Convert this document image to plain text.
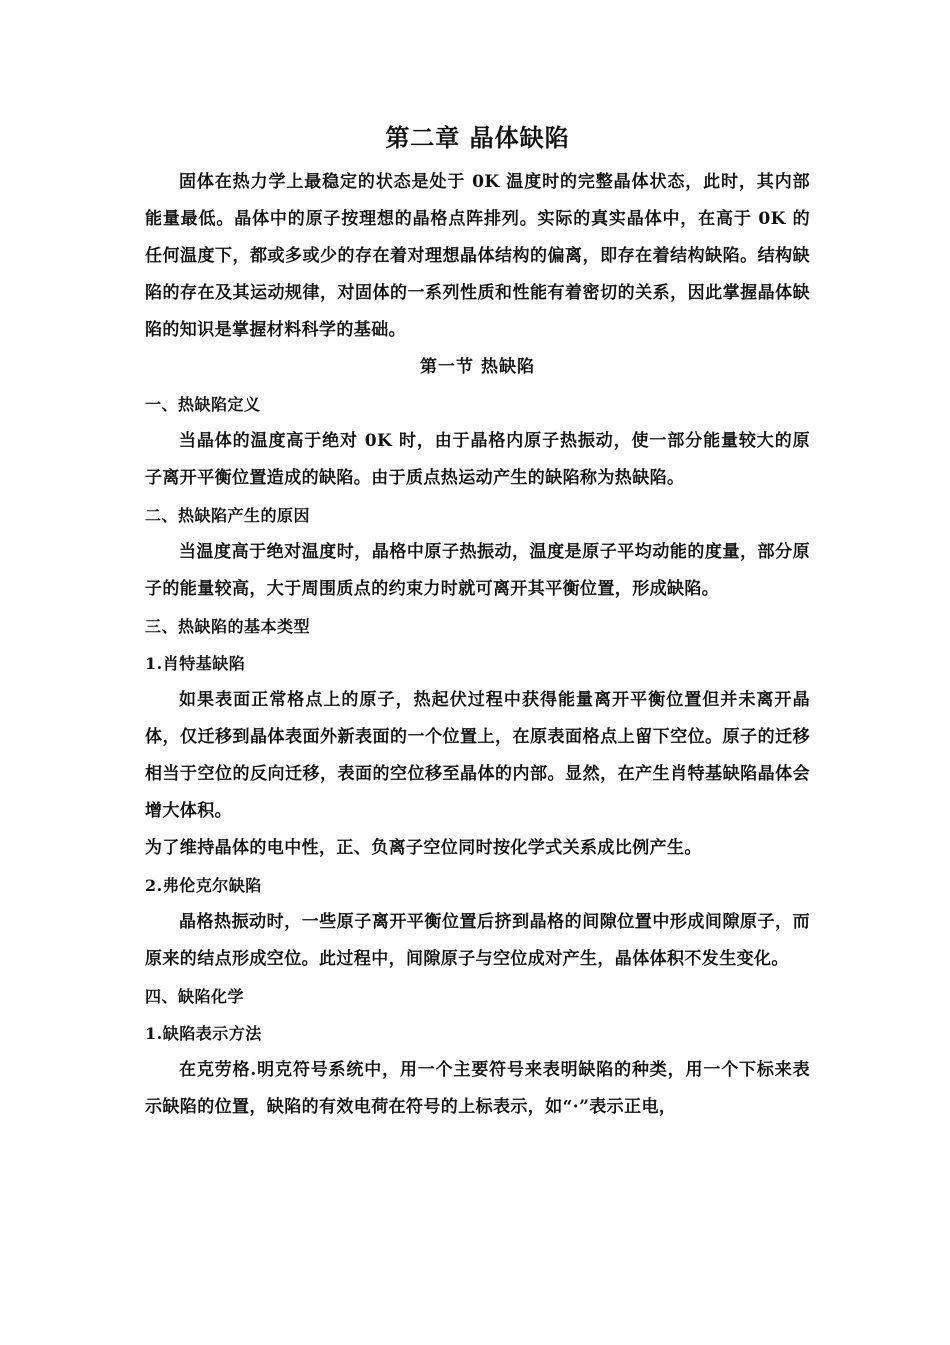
第二章 晶体缺陷

固体在热力学上最稳定的状态是处于 0K 温度时的完整晶体状态，此时，其内部能量最低。晶体中的原子按理想的晶格点阵排列。实际的真实晶体中，在高于 0K 的任何温度下，都或多或少的存在着对理想晶体结构的偏离，即存在着结构缺陷。结构缺陷的存在及其运动规律，对固体的一系列性质和性能有着密切的关系，因此掌握晶体缺陷的知识是掌握材料科学的基础。

第一节 热缺陷
一、热缺陷定义

当晶体的温度高于绝对 0K 时，由于晶格内原子热振动，使一部分能量较大的原子离开平衡位置造成的缺陷。由于质点热运动产生的缺陷称为热缺陷。

二、热缺陷产生的原因

当温度高于绝对温度时，晶格中原子热振动，温度是原子平均动能的度量，部分原子的能量较高，大于周围质点的约束力时就可离开其平衡位置，形成缺陷。

三、热缺陷的基本类型
1.肖特基缺陷

如果表面正常格点上的原子，热起伏过程中获得能量离开平衡位置但并未离开晶体，仅迁移到晶体表面外新表面的一个位置上，在原表面格点上留下空位。原子的迁移相当于空位的反向迁移，表面的空位移至晶体的内部。显然，在产生肖特基缺陷晶体会增大体积。

为了维持晶体的电中性，正、负离子空位同时按化学式关系成比例产生。

2.弗伦克尔缺陷

晶格热振动时，一些原子离开平衡位置后挤到晶格的间隙位置中形成间隙原子，而原来的结点形成空位。此过程中，间隙原子与空位成对产生，晶体体积不发生变化。

四、缺陷化学
1.缺陷表示方法

在克劳格.明克符号系统中，用一个主要符号来表明缺陷的种类，用一个下标来表示缺陷的位置，缺陷的有效电荷在符号的上标表示，如“·”表示正电，
